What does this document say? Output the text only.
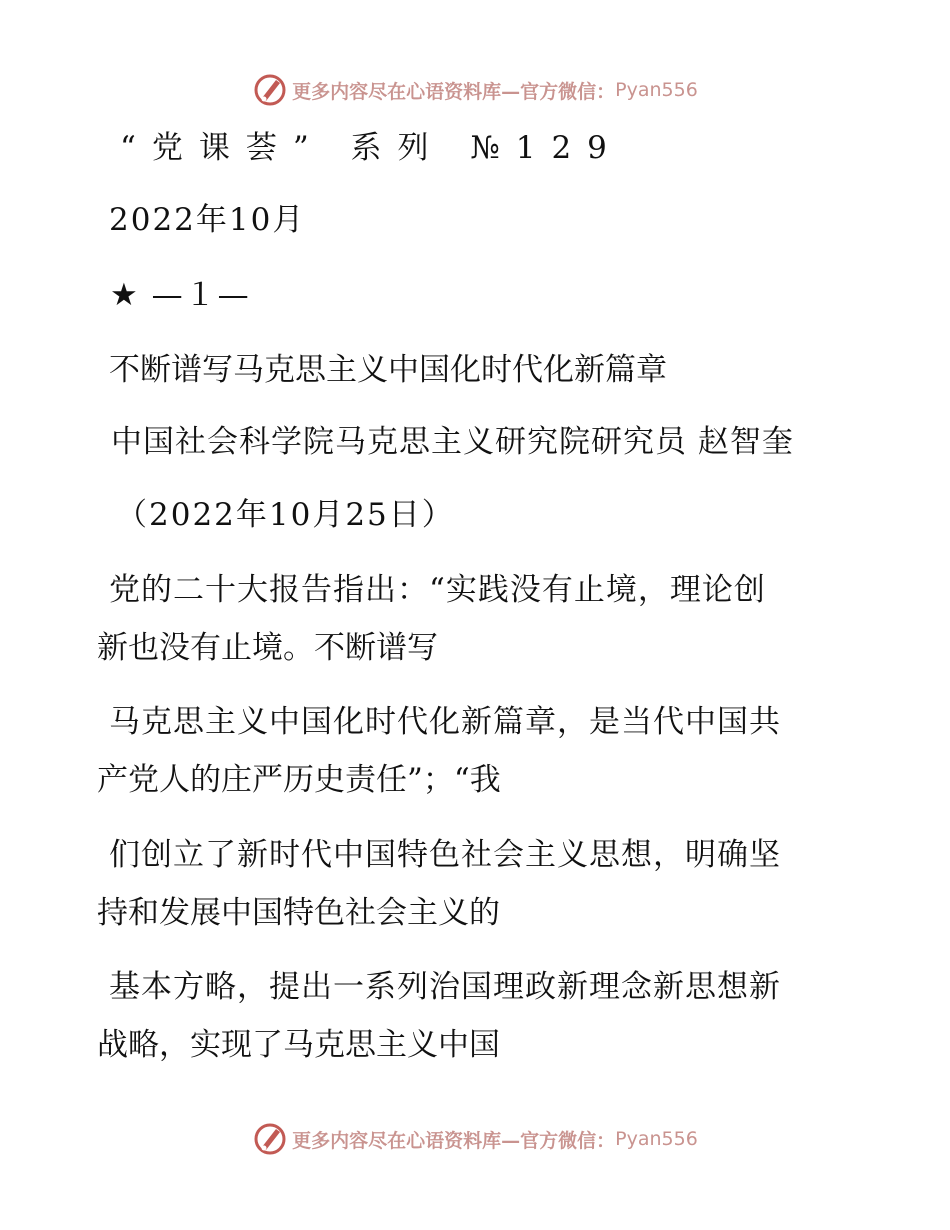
更多内容尽在心语资料库—官方微信： Pyan556
“党课荟” 系列 №129
2022年10月
★ —１—
不断谱写马克思主义中国化时代化新篇章
中国社会科学院马克思主义研究院研究员 赵智奎
（2022年10月25日）
党的二十大报告指出：“实践没有止境，理论创
新也没有止境。不断谱写
马克思主义中国化时代化新篇章，是当代中国共
产党人的庄严历史责任”；“我
们创立了新时代中国特色社会主义思想，明确坚
持和发展中国特色社会主义的
基本方略，提出一系列治国理政新理念新思想新
战略，实现了马克思主义中国
更多内容尽在心语资料库—官方微信： Pyan556
